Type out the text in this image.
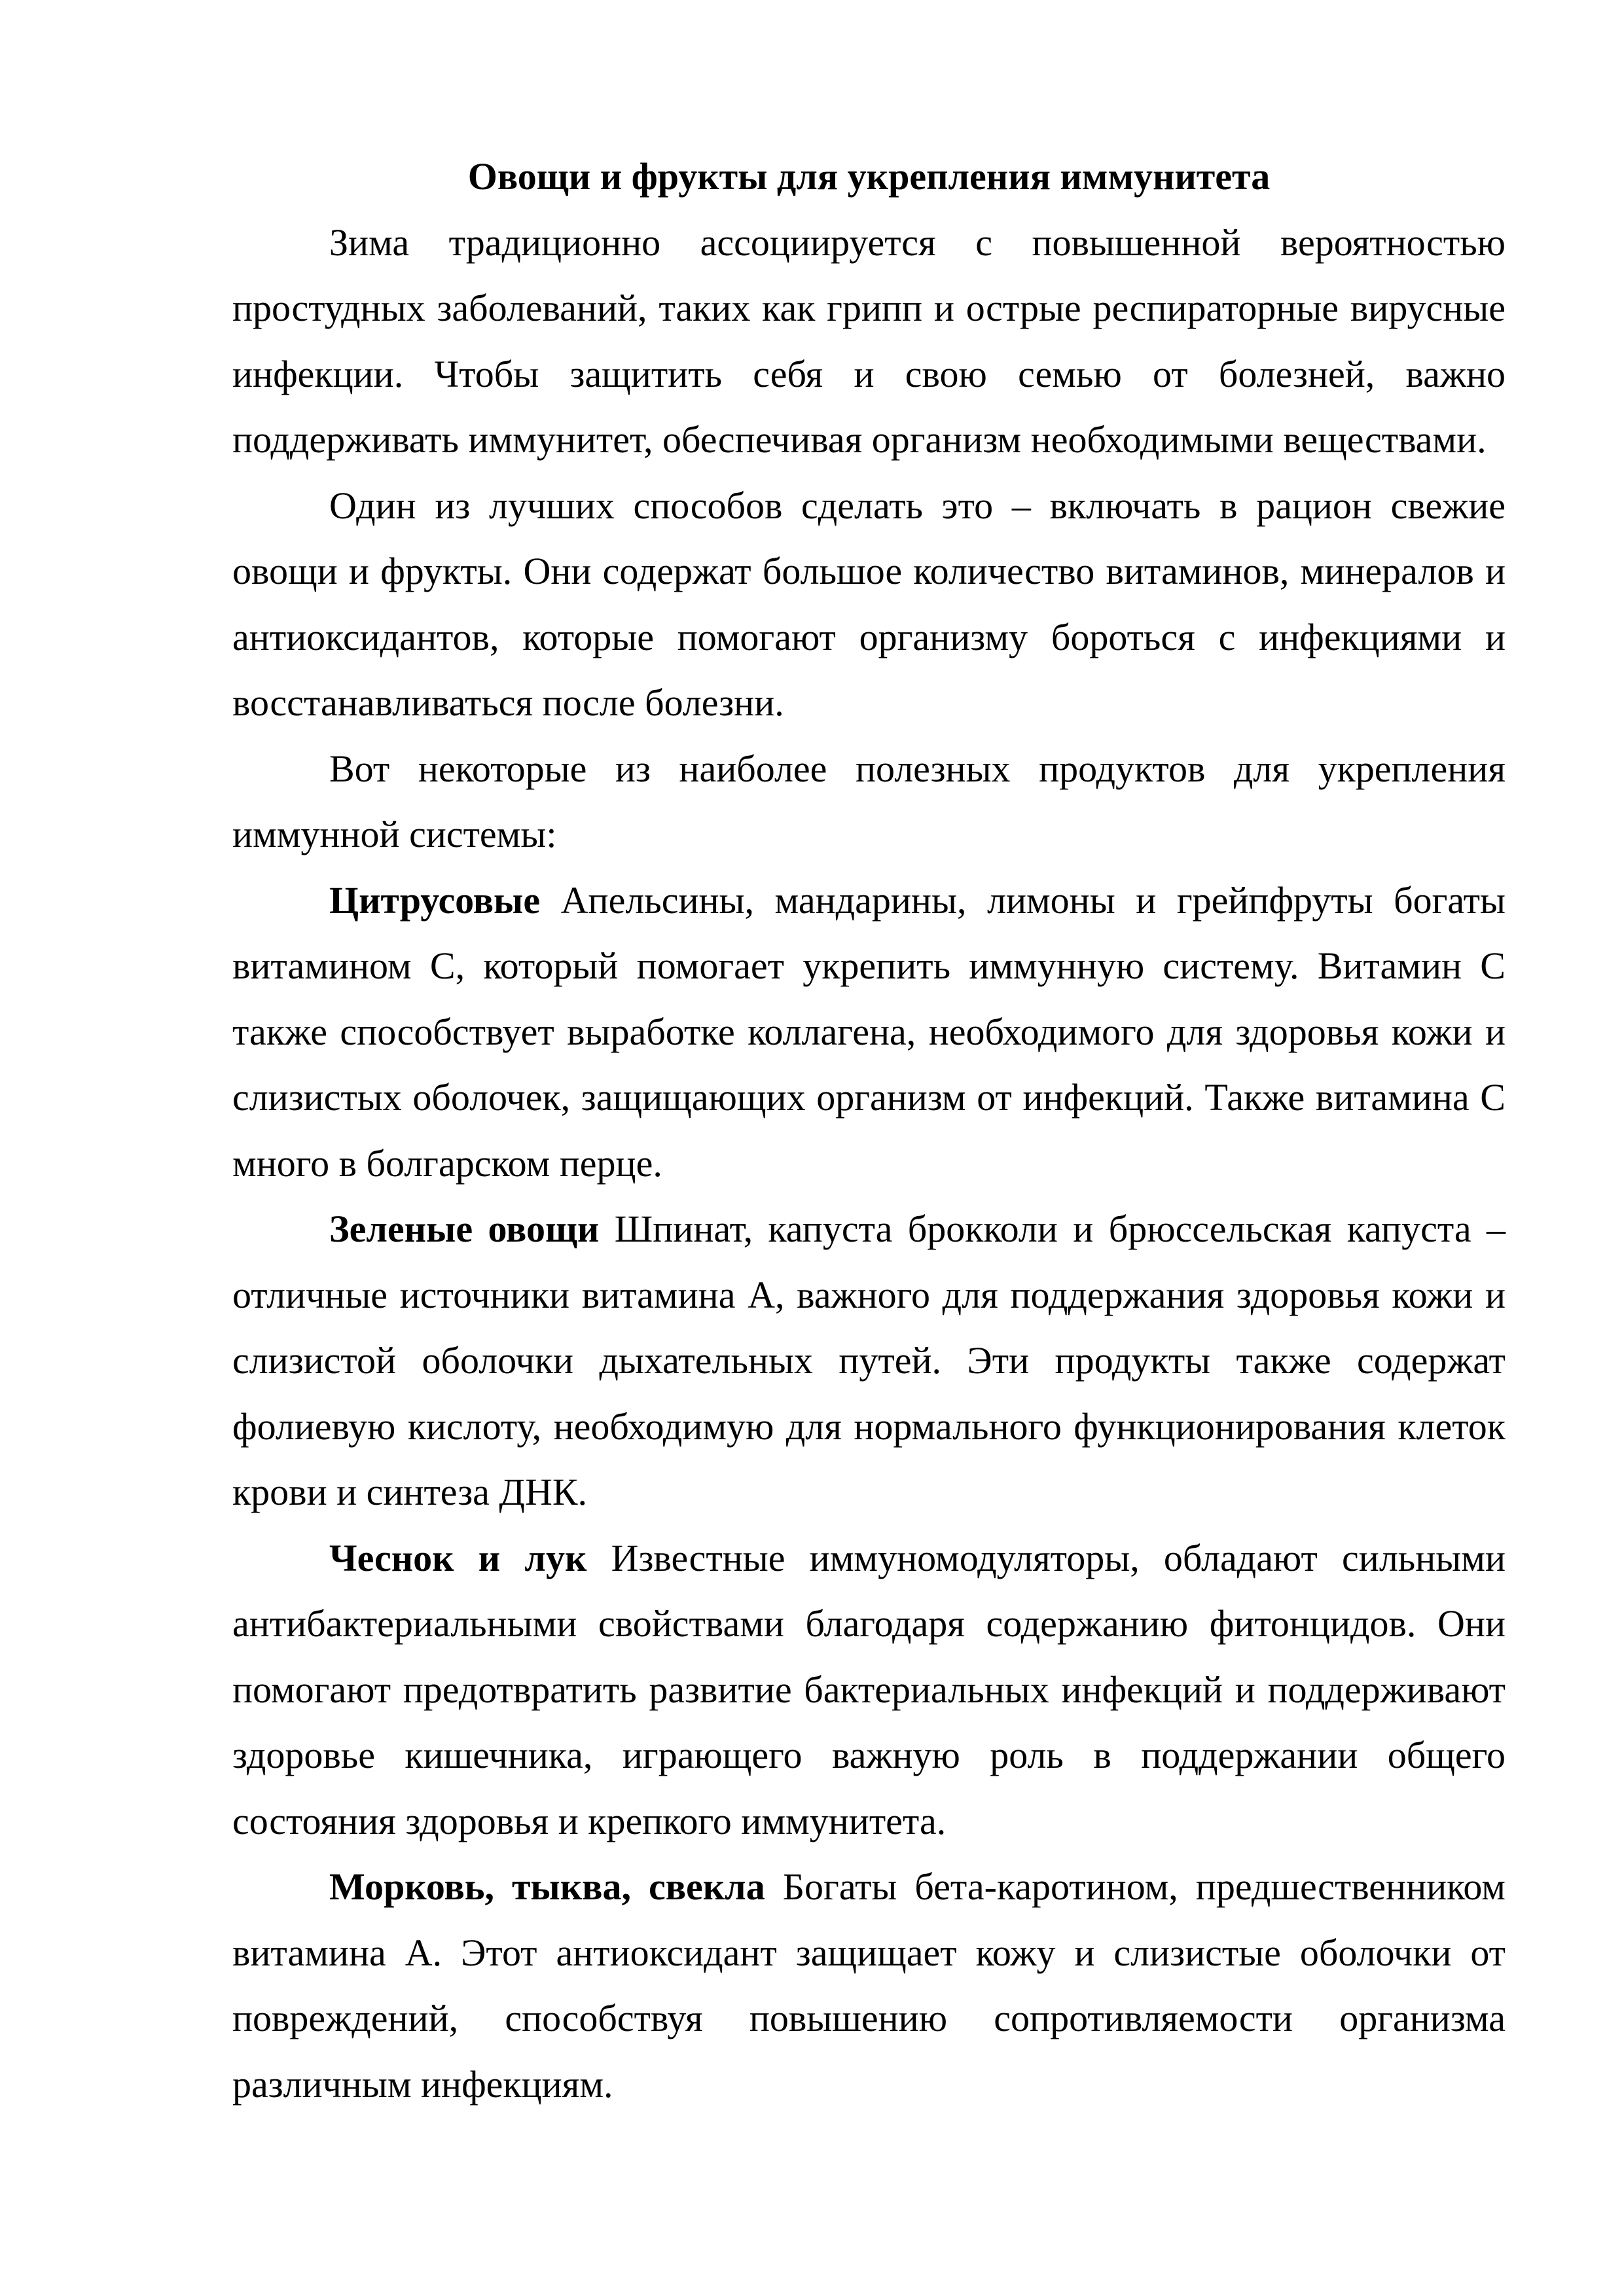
Овощи и фрукты для укрепления иммунитета

Зима традиционно ассоциируется с повышенной вероятностью простудных заболеваний, таких как грипп и острые респираторные вирусные инфекции. Чтобы защитить себя и свою семью от болезней, важно поддерживать иммунитет, обеспечивая организм необходимыми веществами.

Один из лучших способов сделать это – включать в рацион свежие овощи и фрукты. Они содержат большое количество витаминов, минералов и антиоксидантов, которые помогают организму бороться с инфекциями и восстанавливаться после болезни.

Вот некоторые из наиболее полезных продуктов для укрепления иммунной системы:

Цитрусовые Апельсины, мандарины, лимоны и грейпфруты богаты витамином С, который помогает укрепить иммунную систему. Витамин С также способствует выработке коллагена, необходимого для здоровья кожи и слизистых оболочек, защищающих организм от инфекций. Также витамина С много в болгарском перце.

Зеленые овощи Шпинат, капуста брокколи и брюссельская капуста – отличные источники витамина А, важного для поддержания здоровья кожи и слизистой оболочки дыхательных путей. Эти продукты также содержат фолиевую кислоту, необходимую для нормального функционирования клеток крови и синтеза ДНК.

Чеснок и лук Известные иммуномодуляторы, обладают сильными антибактериальными свойствами благодаря содержанию фитонцидов. Они помогают предотвратить развитие бактериальных инфекций и поддерживают здоровье кишечника, играющего важную роль в поддержании общего состояния здоровья и крепкого иммунитета.

Морковь, тыква, свекла Богаты бета-каротином, предшественником витамина А. Этот антиоксидант защищает кожу и слизистые оболочки от повреждений, способствуя повышению сопротивляемости организма различным инфекциям.
